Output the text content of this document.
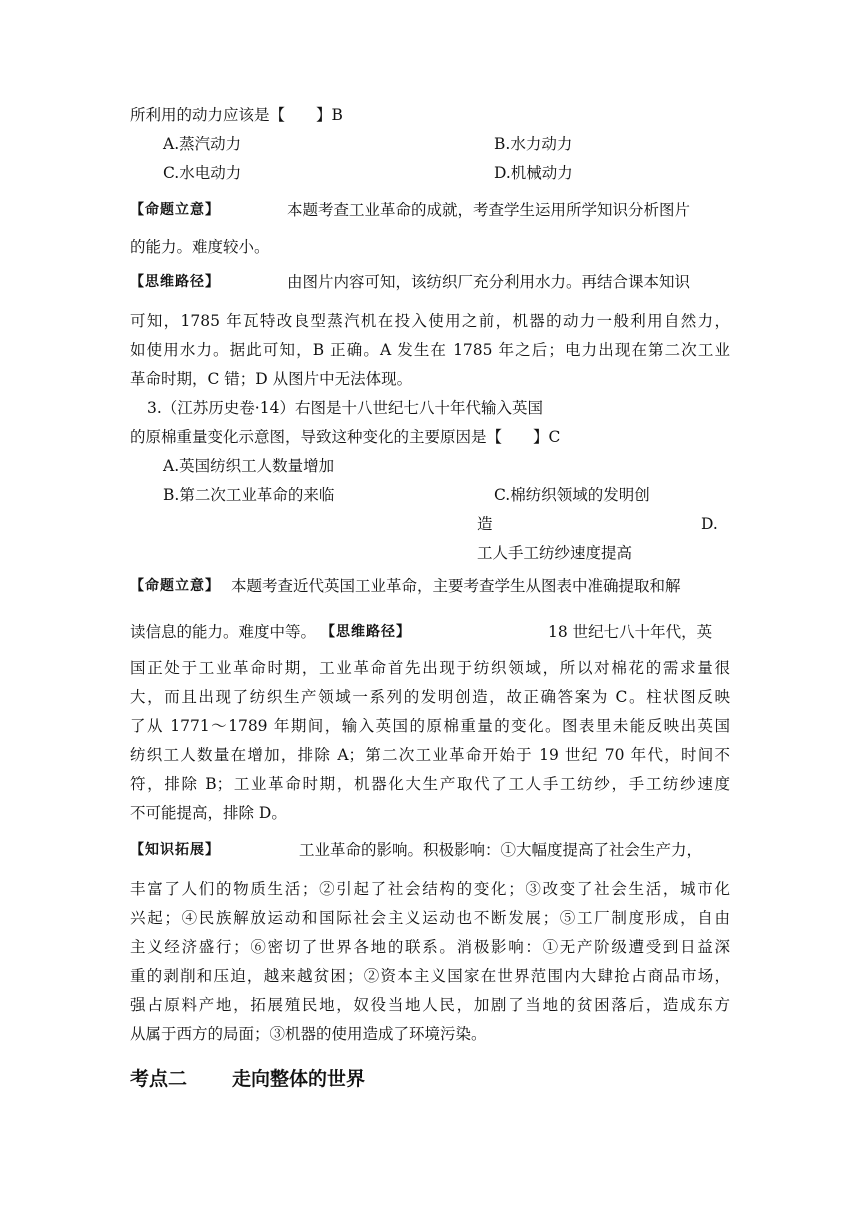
所利用的动力应该是【　　】B
A.蒸汽动力	B.水力动力
C.水电动力	D.机械动力
【命题立意】	本题考查工业革命的成就，考查学生运用所学知识分析图片
的能力。难度较小。
【思维路径】	由图片内容可知，该纺织厂充分利用水力。再结合课本知识
可知，1785 年瓦特改良型蒸汽机在投入使用之前，机器的动力一般利用自然力，
如使用水力。据此可知，B 正确。A 发生在 1785 年之后；电力出现在第二次工业
革命时期，C 错；D 从图片中无法体现。
3.（江苏历史卷·14）右图是十八世纪七八十年代输入英国
的原棉重量变化示意图，导致这种变化的主要原因是【　　】C
A.英国纺织工人数量增加
B.第二次工业革命的来临	C.棉纺织领域的发明创
造	D.
工人手工纺纱速度提高
【命题立意】 本题考查近代英国工业革命，主要考查学生从图表中准确提取和解
读信息的能力。难度中等。 【思维路径】	18 世纪七八十年代，英
国正处于工业革命时期，工业革命首先出现于纺织领域，所以对棉花的需求量很
大，而且出现了纺织生产领域一系列的发明创造，故正确答案为 C。柱状图反映
了从 1771～1789 年期间，输入英国的原棉重量的变化。图表里未能反映出英国
纺织工人数量在增加，排除 A；第二次工业革命开始于 19 世纪 70 年代，时间不
符，排除 B；工业革命时期，机器化大生产取代了工人手工纺纱，手工纺纱速度
不可能提高，排除 D。
【知识拓展】	工业革命的影响。积极影响：①大幅度提高了社会生产力，
丰富了人们的物质生活；②引起了社会结构的变化；③改变了社会生活，城市化
兴起；④民族解放运动和国际社会主义运动也不断发展；⑤工厂制度形成，自由
主义经济盛行；⑥密切了世界各地的联系。消极影响：①无产阶级遭受到日益深
重的剥削和压迫，越来越贫困；②资本主义国家在世界范围内大肆抢占商品市场，
强占原料产地，拓展殖民地，奴役当地人民，加剧了当地的贫困落后，造成东方
从属于西方的局面；③机器的使用造成了环境污染。
考点二 走向整体的世界
